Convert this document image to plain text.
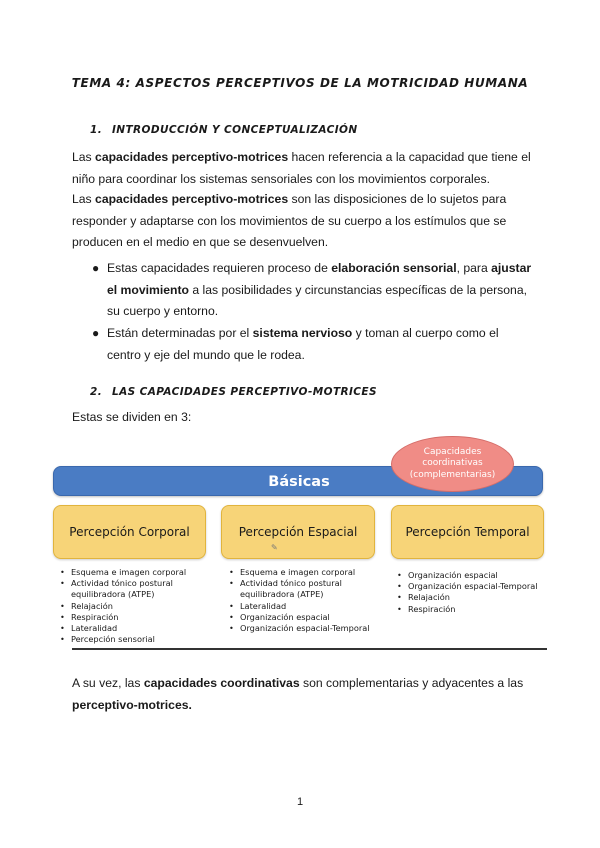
TEMA 4: ASPECTOS PERCEPTIVOS DE LA MOTRICIDAD HUMANA
1. INTRODUCCIÓN Y CONCEPTUALIZACIÓN
Las capacidades perceptivo-motrices hacen referencia a la capacidad que tiene el niño para coordinar los sistemas sensoriales con los movimientos corporales.
Las capacidades perceptivo-motrices son las disposiciones de lo sujetos para responder y adaptarse con los movimientos de su cuerpo a los estímulos que se producen en el medio en que se desenvuelven.
● Estas capacidades requieren proceso de elaboración sensorial, para ajustar el movimiento a las posibilidades y circunstancias específicas de la persona, su cuerpo y entorno.
● Están determinadas por el sistema nervioso y toman al cuerpo como el centro y eje del mundo que le rodea.
2. LAS CAPACIDADES PERCEPTIVO-MOTRICES
Estas se dividen en 3:
Básicas
Capacidades coordinativas (complementarias)
Percepción Corporal	Percepción Espacial	Percepción Temporal
✎
• Esquema e imagen corporal
• Actividad tónico postural equilibradora (ATPE)
• Relajación
• Respiración
• Lateralidad
• Percepción sensorial
• Esquema e imagen corporal
• Actividad tónico postural equilibradora (ATPE)
• Lateralidad
• Organización espacial
• Organización espacial-Temporal
• Organización espacial
• Organización espacial-Temporal
• Relajación
• Respiración
A su vez, las capacidades coordinativas son complementarias y adyacentes a las perceptivo-motrices.
1
